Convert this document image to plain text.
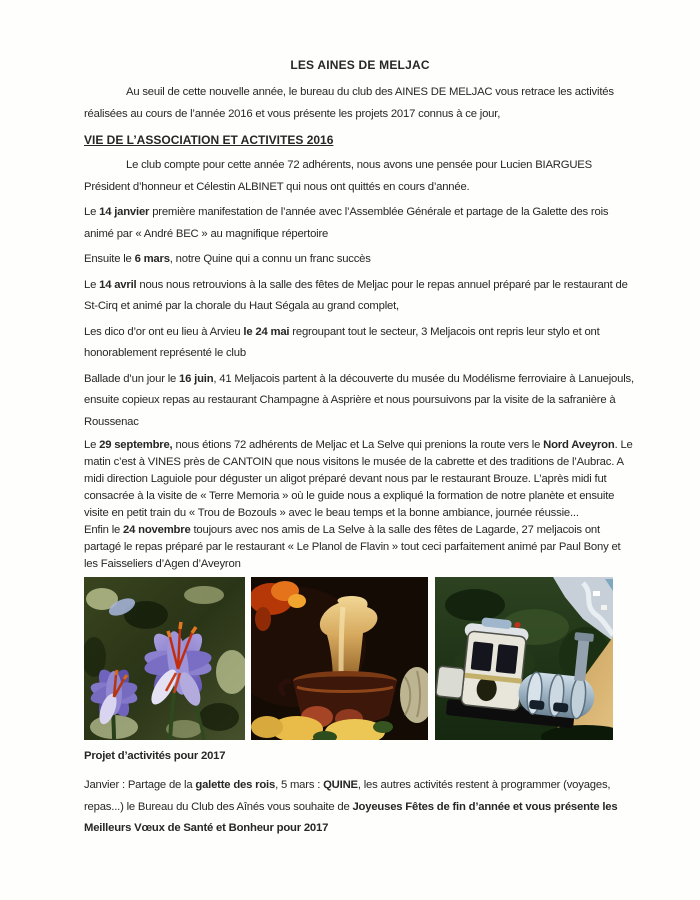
LES AINES DE MELJAC

Au seuil de cette nouvelle année, le bureau du club des AINES DE MELJAC vous retrace les activités réalisées au cours de l’année 2016 et vous présente les projets 2017 connus à ce jour,

VIE DE L’ASSOCIATION ET ACTIVITES 2016

Le club compte pour cette année 72 adhérents, nous avons une pensée pour Lucien BIARGUES Président d’honneur et Célestin ALBINET qui nous ont quittés en cours d’année.

Le 14 janvier première manifestation de l’année avec l’Assemblée Générale et partage de la Galette des rois animé par « André BEC » au magnifique répertoire

Ensuite le 6 mars, notre Quine qui a connu un franc succès

Le 14 avril nous nous retrouvions à la salle des fêtes de Meljac pour le repas annuel préparé par le restaurant de St-Cirq et animé par la chorale du Haut Ségala au grand complet,

Les dico d’or ont eu lieu à Arvieu le 24 mai regroupant tout le secteur, 3 Meljacois ont repris leur stylo et ont honorablement représenté le club

Ballade d’un jour le 16 juin, 41 Meljacois partent à la découverte du musée du Modélisme ferroviaire à Lanuejouls, ensuite copieux repas au restaurant Champagne à Asprière et nous poursuivons par la visite de la safranière à Roussenac

Le 29 septembre, nous étions 72 adhérents de Meljac et La Selve qui prenions la route vers le Nord Aveyron. Le matin c’est à VINES près de CANTOIN que nous visitons le musée de la cabrette et des traditions de l’Aubrac. A midi direction Laguiole pour déguster un aligot préparé devant nous par le restaurant Brouze. L’après midi fut consacrée à la visite de « Terre Memoria » où le guide nous a expliqué la formation de notre planète et ensuite visite en petit train du « Trou de Bozouls » avec le beau temps et la bonne ambiance, journée réussie...
Enfin le 24 novembre toujours avec nos amis de La Selve à la salle des fêtes de Lagarde, 27 meljacois ont partagé le repas préparé par le restaurant « Le Planol de Flavin » tout ceci parfaitement animé par Paul Bony et les Faisseliers d’Agen d’Aveyron

Projet d’activités pour 2017

Janvier : Partage de la galette des rois, 5 mars : QUINE, les autres activités restent à programmer (voyages, repas...) le Bureau du Club des Aînés vous souhaite de Joyeuses Fêtes de fin d’année et vous présente les Meilleurs Vœux de Santé et Bonheur pour 2017
